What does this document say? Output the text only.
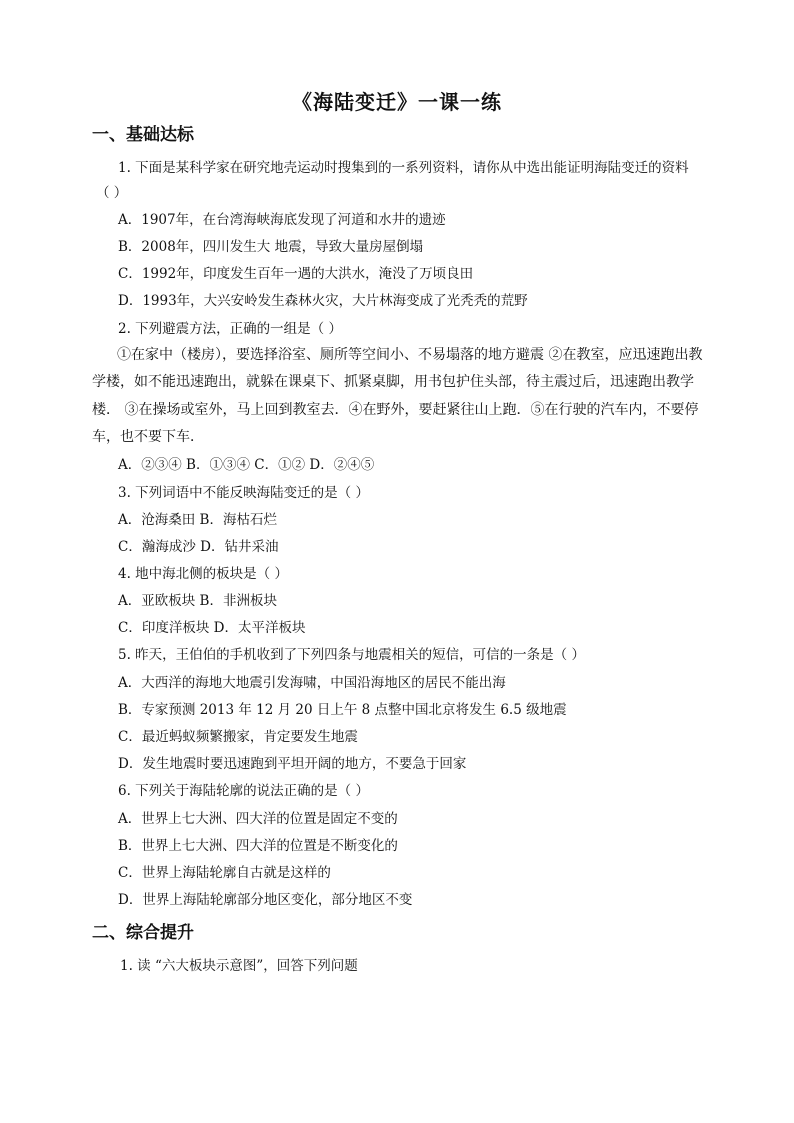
《海陆变迁》一课一练
一、基础达标
1. 下面是某科学家在研究地壳运动时搜集到的一系列资料，请你从中选出能证明海陆变迁的资料
（ ）
A．1907年，在台湾海峡海底发现了河道和水井的遗迹
B．2008年，四川发生大 地震，导致大量房屋倒塌
C．1992年，印度发生百年一遇的大洪水，淹没了万顷良田
D．1993年，大兴安岭发生森林火灾，大片林海变成了光秃秃的荒野
2. 下列避震方法，正确的一组是（ ）
①在家中（楼房），要选择浴室、厕所等空间小、不易塌落的地方避震 ②在教室，应迅速跑出教
学楼，如不能迅速跑出，就躲在课桌下、抓紧桌脚，用书包护住头部，待主震过后，迅速跑出教学
楼． ③在操场或室外，马上回到教室去．④在野外，要赶紧往山上跑．⑤在行驶的汽车内，不要停
车，也不要下车．
A．②③④ B．①③④ C．①② D．②④⑤
3. 下列词语中不能反映海陆变迁的是（ ）
A．沧海桑田 B．海枯石烂
C．瀚海成沙 D．钻井采油
4. 地中海北侧的板块是（ ）
A．亚欧板块 B．非洲板块
C．印度洋板块 D．太平洋板块
5. 昨天，王伯伯的手机收到了下列四条与地震相关的短信，可信的一条是（ ）
A．大西洋的海地大地震引发海啸，中国沿海地区的居民不能出海
B．专家预测 2013 年 12 月 20 日上午 8 点整中国北京将发生 6.5 级地震
C．最近蚂蚁频繁搬家，肯定要发生地震
D．发生地震时要迅速跑到平坦开阔的地方，不要急于回家
6. 下列关于海陆轮廓的说法正确的是（ ）
A．世界上七大洲、四大洋的位置是固定不变的
B．世界上七大洲、四大洋的位置是不断变化的
C．世界上海陆轮廓自古就是这样的
D．世界上海陆轮廓部分地区变化，部分地区不变
二、综合提升
1. 读 “六大板块示意图”，回答下列问题
